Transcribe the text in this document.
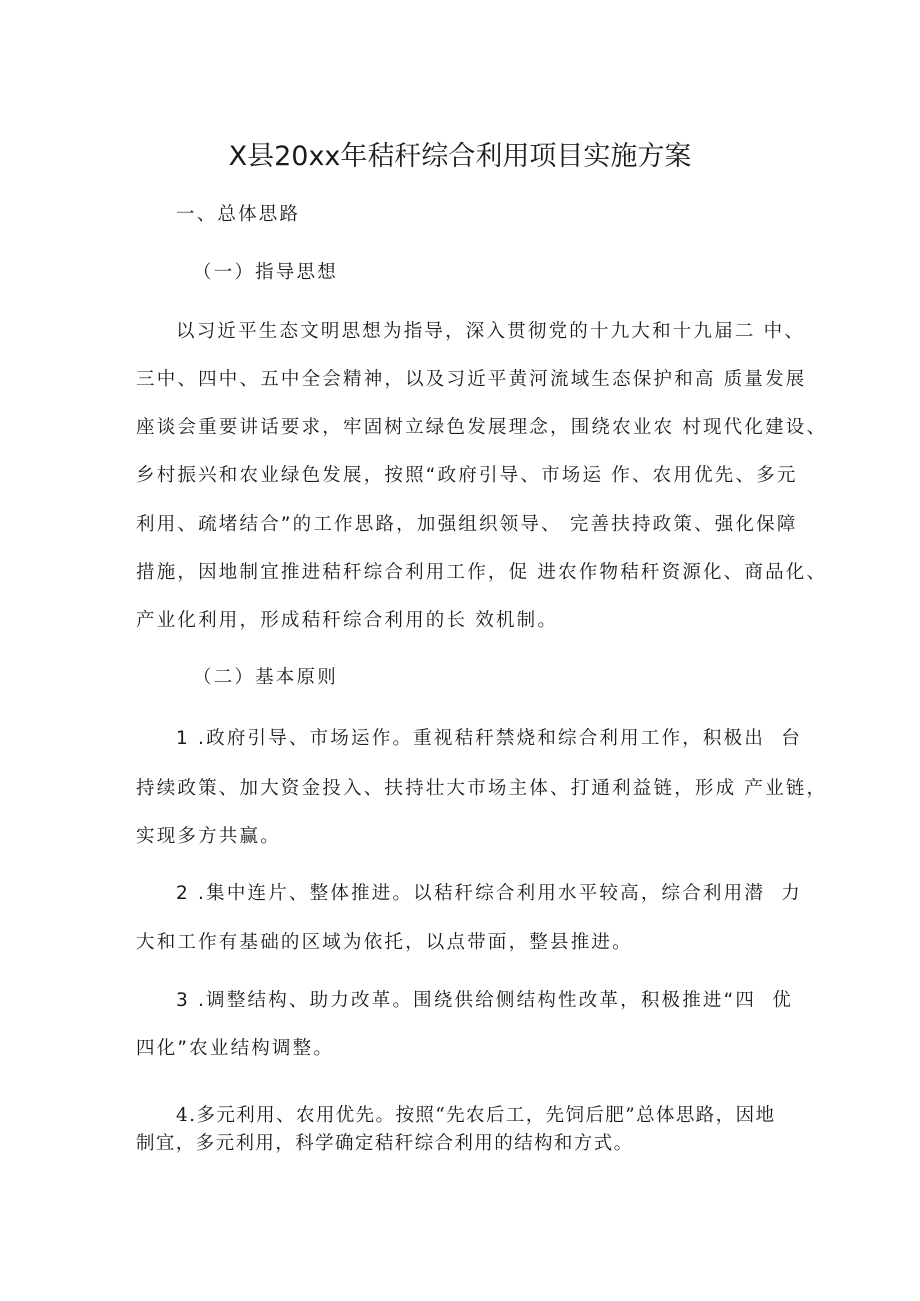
X县20xx年秸秆综合利用项目实施方案
一、总体思路
（一）指导思想
以习近平生态文明思想为指导，深入贯彻党的十九大和十九届二 中、
三中、四中、五中全会精神，以及习近平黄河流域生态保护和高 质量发展
座谈会重要讲话要求，牢固树立绿色发展理念，围绕农业农 村现代化建设、
乡村振兴和农业绿色发展，按照“政府引导、市场运 作、农用优先、多元
利用、疏堵结合”的工作思路，加强组织领导、 完善扶持政策、强化保障
措施，因地制宜推进秸秆综合利用工作，促 进农作物秸秆资源化、商品化、
产业化利用，形成秸秆综合利用的长 效机制。
（二）基本原则
1 .政府引导、市场运作。重视秸秆禁烧和综合利用工作，积极出  台
持续政策、加大资金投入、扶持壮大市场主体、打通利益链，形成 产业链，
实现多方共赢。
2 .集中连片、整体推进。以秸秆综合利用水平较高，综合利用潜  力
大和工作有基础的区域为依托，以点带面，整县推进。
3 .调整结构、助力改革。围绕供给侧结构性改革，积极推进“四  优
四化”农业结构调整。
4.多元利用、农用优先。按照“先农后工，先饲后肥”总体思路，因地
制宜，多元利用，科学确定秸秆综合利用的结构和方式。
